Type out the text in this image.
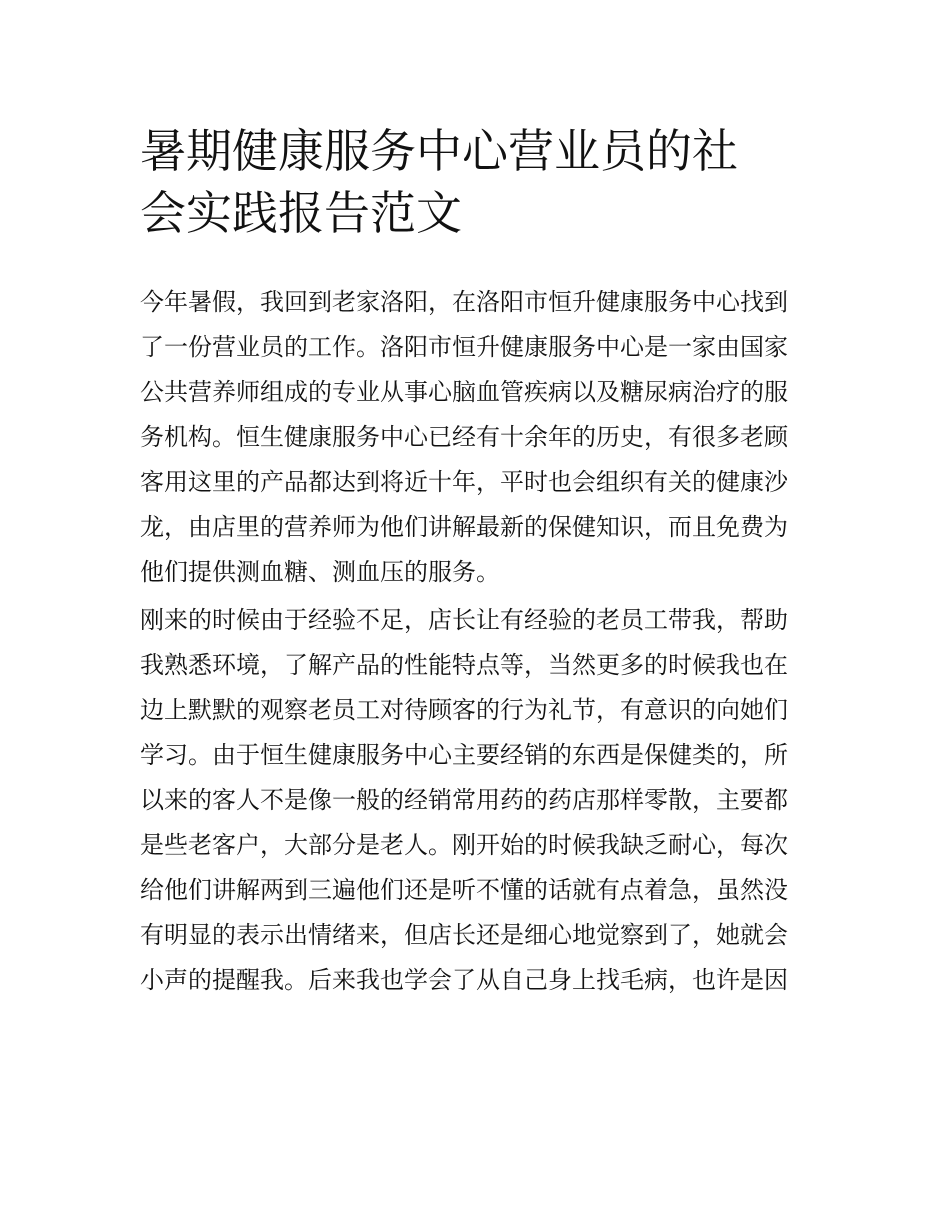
暑期健康服务中心营业员的社
会实践报告范文
今年暑假，我回到老家洛阳，在洛阳市恒升健康服务中心找到
了一份营业员的工作。洛阳市恒升健康服务中心是一家由国家
公共营养师组成的专业从事心脑血管疾病以及糖尿病治疗的服
务机构。恒生健康服务中心已经有十余年的历史，有很多老顾
客用这里的产品都达到将近十年，平时也会组织有关的健康沙
龙，由店里的营养师为他们讲解最新的保健知识，而且免费为
他们提供测血糖、测血压的服务。
刚来的时候由于经验不足，店长让有经验的老员工带我，帮助
我熟悉环境，了解产品的性能特点等，当然更多的时候我也在
边上默默的观察老员工对待顾客的行为礼节，有意识的向她们
学习。由于恒生健康服务中心主要经销的东西是保健类的，所
以来的客人不是像一般的经销常用药的药店那样零散，主要都
是些老客户，大部分是老人。刚开始的时候我缺乏耐心，每次
给他们讲解两到三遍他们还是听不懂的话就有点着急，虽然没
有明显的表示出情绪来，但店长还是细心地觉察到了，她就会
小声的提醒我。后来我也学会了从自己身上找毛病，也许是因
